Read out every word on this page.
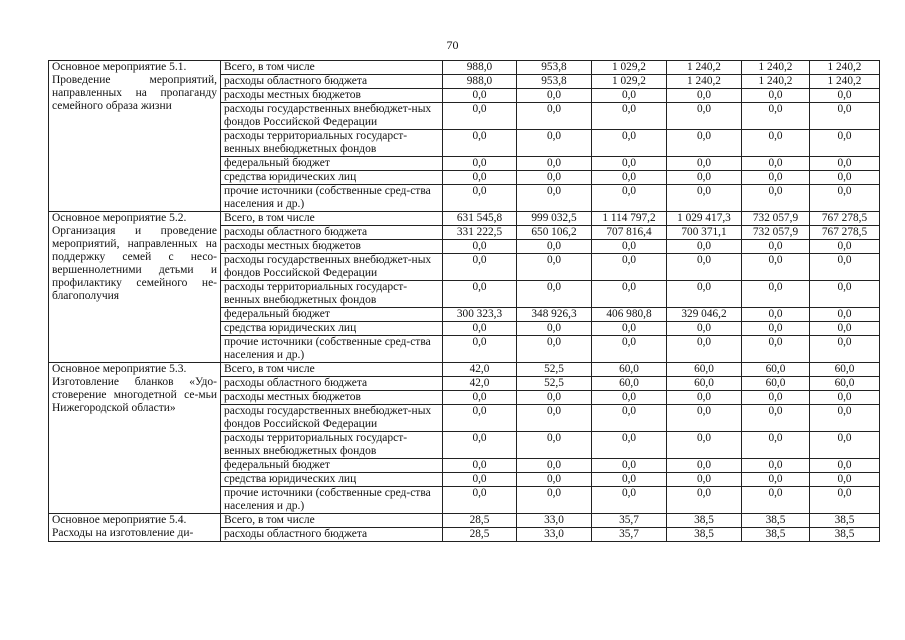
70
Основное мероприятие 5.1.
Проведение мероприятий, направленных на пропаганду семейного образа жизни	Всего, в том числе	988,0	953,8	1 029,2	1 240,2	1 240,2	1 240,2
	расходы областного бюджета	988,0	953,8	1 029,2	1 240,2	1 240,2	1 240,2
	расходы местных бюджетов	0,0	0,0	0,0	0,0	0,0	0,0
	расходы государственных внебюджет-ных фондов Российской Федерации	0,0	0,0	0,0	0,0	0,0	0,0
	расходы территориальных государст-венных внебюджетных фондов	0,0	0,0	0,0	0,0	0,0	0,0
	федеральный бюджет	0,0	0,0	0,0	0,0	0,0	0,0
	средства юридических лиц	0,0	0,0	0,0	0,0	0,0	0,0
	прочие источники (собственные сред-ства населения и др.)	0,0	0,0	0,0	0,0	0,0	0,0

Основное мероприятие 5.2.
Организация и проведение мероприятий, направленных на поддержку семей с несо-вершеннолетними детьми и профилактику семейного не-благополучия	Всего, в том числе	631 545,8	999 032,5	1 114 797,2	1 029 417,3	732 057,9	767 278,5
	расходы областного бюджета	331 222,5	650 106,2	707 816,4	700 371,1	732 057,9	767 278,5
	расходы местных бюджетов	0,0	0,0	0,0	0,0	0,0	0,0
	расходы государственных внебюджет-ных фондов Российской Федерации	0,0	0,0	0,0	0,0	0,0	0,0
	расходы территориальных государст-венных внебюджетных фондов	0,0	0,0	0,0	0,0	0,0	0,0
	федеральный бюджет	300 323,3	348 926,3	406 980,8	329 046,2	0,0	0,0
	средства юридических лиц	0,0	0,0	0,0	0,0	0,0	0,0
	прочие источники (собственные сред-ства населения и др.)	0,0	0,0	0,0	0,0	0,0	0,0

Основное мероприятие 5.3.
Изготовление бланков «Удо-стоверение многодетной се-мьи Нижегородской области»	Всего, в том числе	42,0	52,5	60,0	60,0	60,0	60,0
	расходы областного бюджета	42,0	52,5	60,0	60,0	60,0	60,0
	расходы местных бюджетов	0,0	0,0	0,0	0,0	0,0	0,0
	расходы государственных внебюджет-ных фондов Российской Федерации	0,0	0,0	0,0	0,0	0,0	0,0
	расходы территориальных государст-венных внебюджетных фондов	0,0	0,0	0,0	0,0	0,0	0,0
	федеральный бюджет	0,0	0,0	0,0	0,0	0,0	0,0
	средства юридических лиц	0,0	0,0	0,0	0,0	0,0	0,0
	прочие источники (собственные сред-ства населения и др.)	0,0	0,0	0,0	0,0	0,0	0,0

Основное мероприятие 5.4.
Расходы на изготовление ди-	Всего, в том числе	28,5	33,0	35,7	38,5	38,5	38,5
	расходы областного бюджета	28,5	33,0	35,7	38,5	38,5	38,5
